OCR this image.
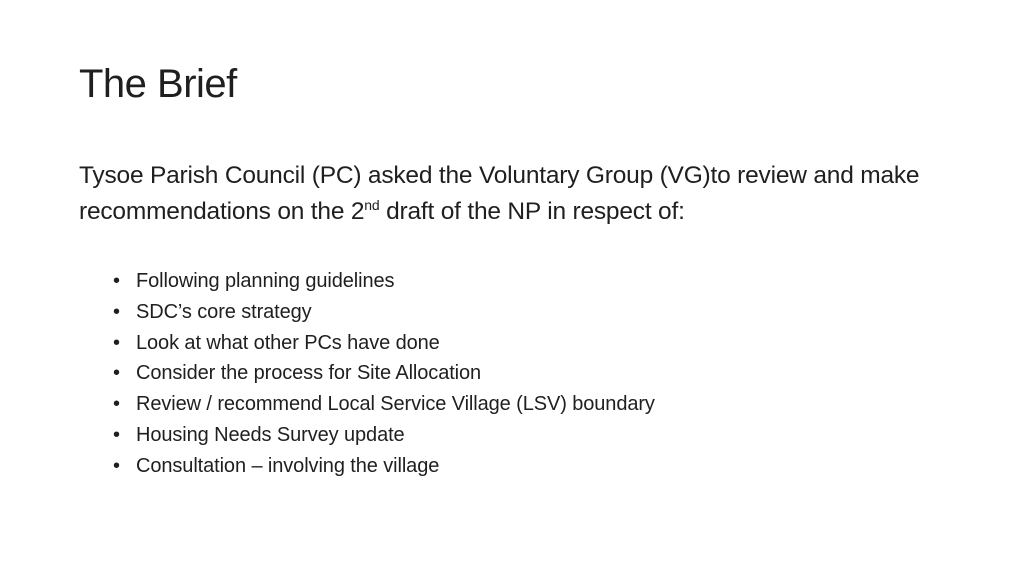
The Brief
Tysoe Parish Council (PC) asked the Voluntary Group (VG)to review and make recommendations on the 2nd draft of the NP in respect of:
• Following planning guidelines
• SDC’s core strategy
• Look at what other PCs have done
• Consider the process for Site Allocation
• Review / recommend Local Service Village (LSV) boundary
• Housing Needs Survey update
• Consultation – involving the village
